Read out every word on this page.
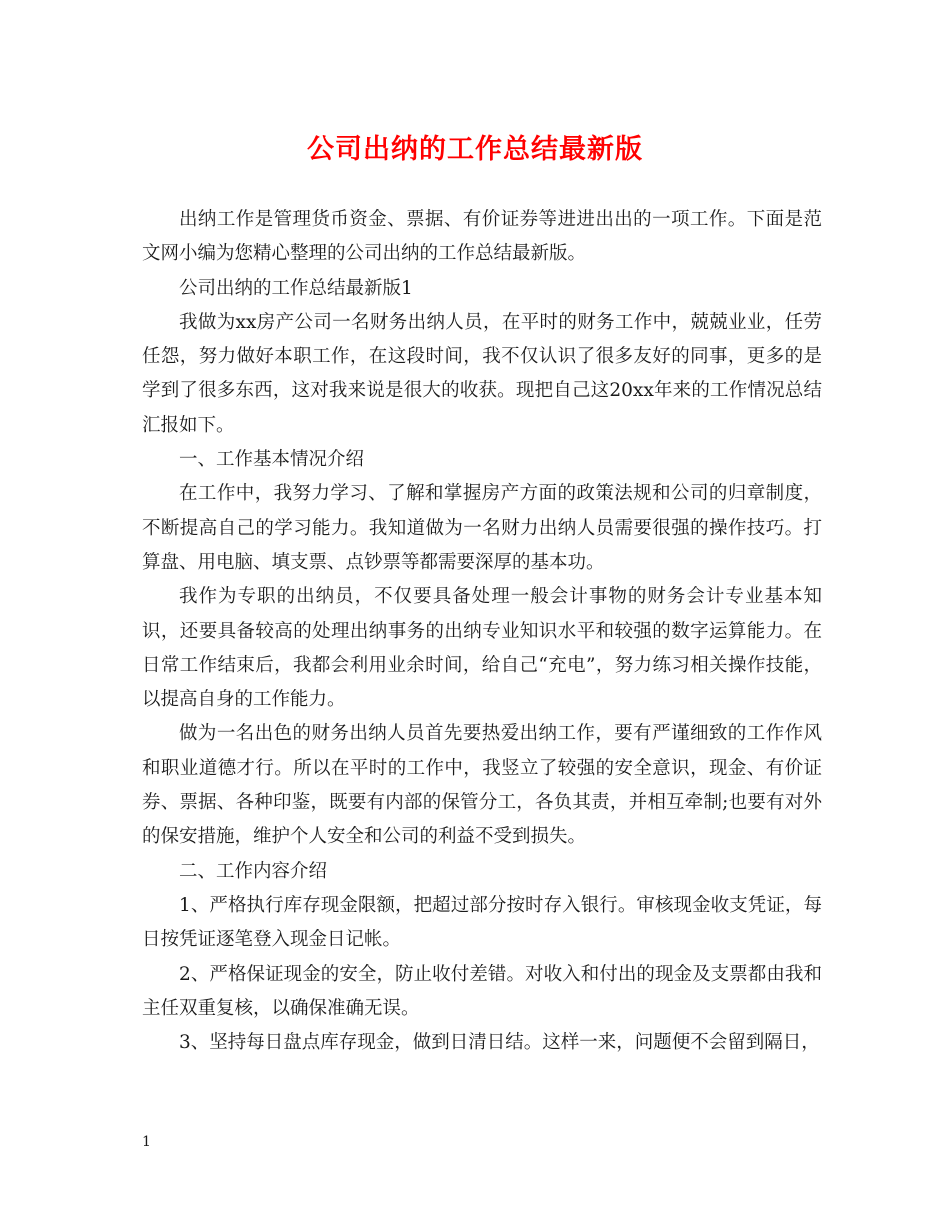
公司出纳的工作总结最新版

出纳工作是管理货币资金、票据、有价证券等进进出出的一项工作。下面是范文网小编为您精心整理的公司出纳的工作总结最新版。

公司出纳的工作总结最新版1

我做为xx房产公司一名财务出纳人员，在平时的财务工作中，兢兢业业，任劳任怨，努力做好本职工作，在这段时间，我不仅认识了很多友好的同事，更多的是学到了很多东西，这对我来说是很大的收获。现把自己这20xx年来的工作情况总结汇报如下。

一、工作基本情况介绍

在工作中，我努力学习、了解和掌握房产方面的政策法规和公司的归章制度，不断提高自己的学习能力。我知道做为一名财力出纳人员需要很强的操作技巧。打算盘、用电脑、填支票、点钞票等都需要深厚的基本功。

我作为专职的出纳员，不仅要具备处理一般会计事物的财务会计专业基本知识，还要具备较高的处理出纳事务的出纳专业知识水平和较强的数字运算能力。在日常工作结束后，我都会利用业余时间，给自己“充电”，努力练习相关操作技能，以提高自身的工作能力。

做为一名出色的财务出纳人员首先要热爱出纳工作，要有严谨细致的工作作风和职业道德才行。所以在平时的工作中，我竖立了较强的安全意识，现金、有价证券、票据、各种印鉴，既要有内部的保管分工，各负其责，并相互牵制;也要有对外的保安措施，维护个人安全和公司的利益不受到损失。

二、工作内容介绍

1、严格执行库存现金限额，把超过部分按时存入银行。审核现金收支凭证，每日按凭证逐笔登入现金日记帐。

2、严格保证现金的安全，防止收付差错。对收入和付出的现金及支票都由我和主任双重复核，以确保准确无误。

3、坚持每日盘点库存现金，做到日清日结。这样一来，问题便不会留到隔日，

1
